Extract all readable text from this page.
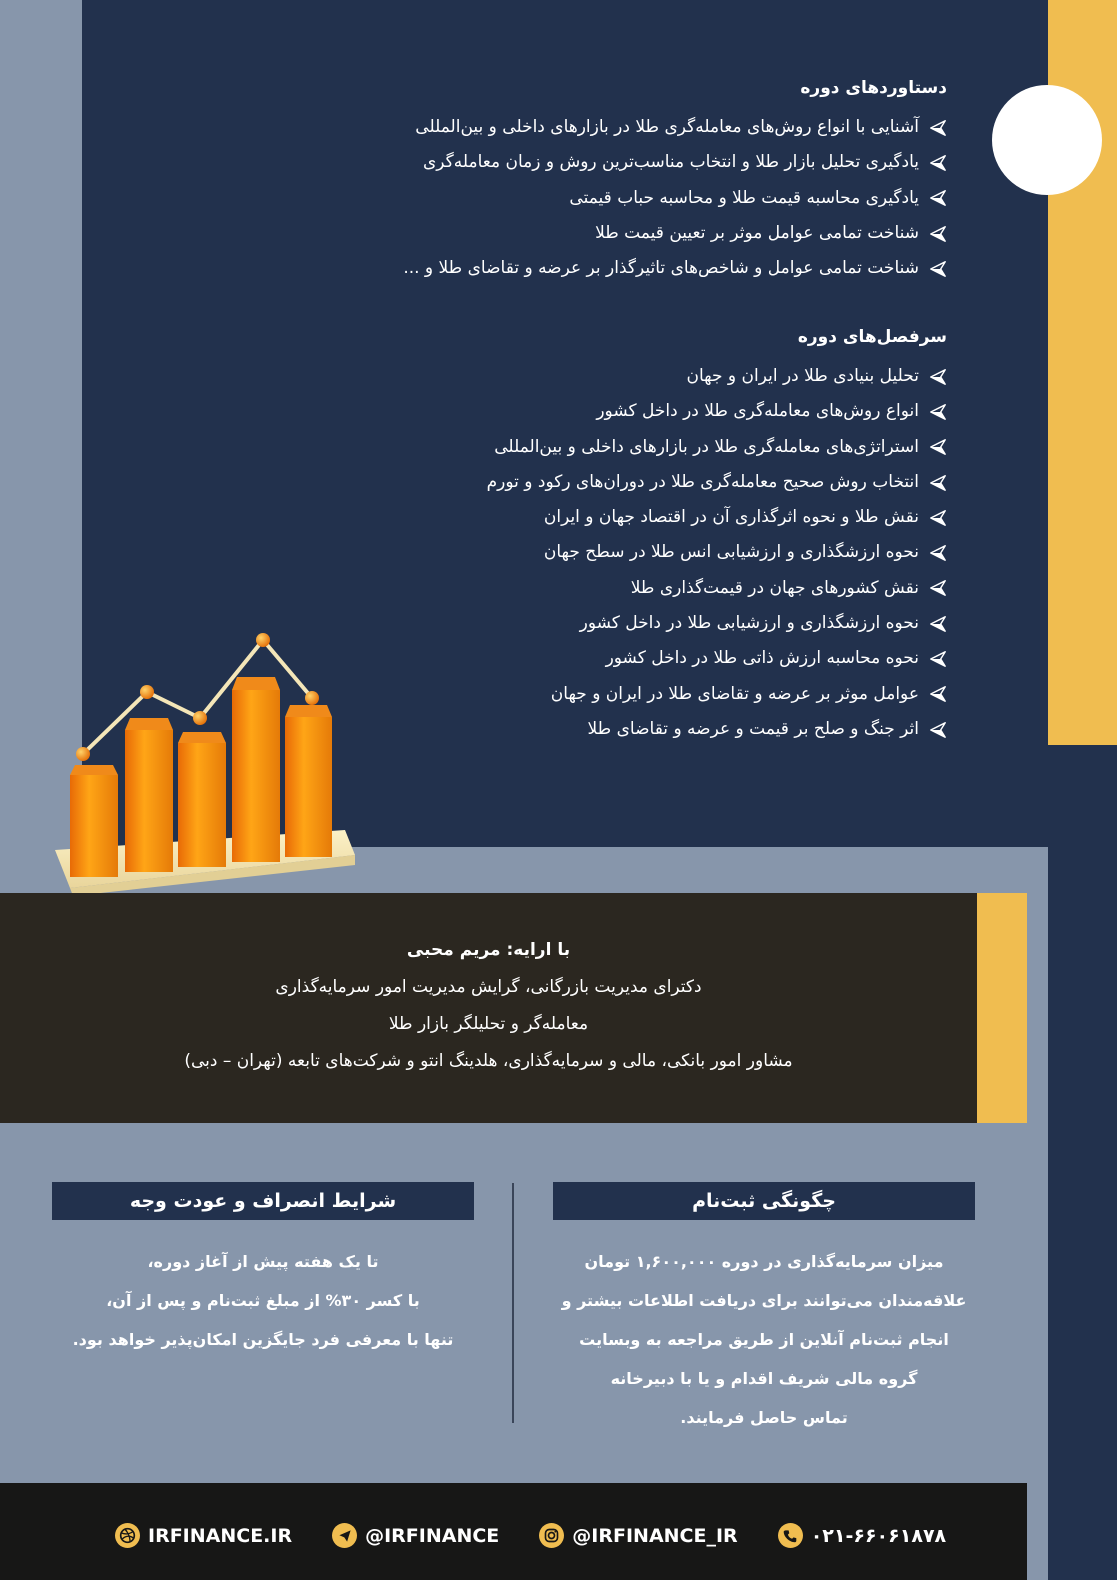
دستاوردهای دوره
آشنایی با انواع روش‌های معامله‌گری طلا در بازارهای داخلی و بین‌المللی
یادگیری تحلیل بازار طلا و انتخاب مناسب‌ترین روش و زمان معامله‌گری
یادگیری محاسبه قیمت طلا و محاسبه حباب قیمتی
شناخت تمامی عوامل موثر بر تعیین قیمت طلا
شناخت تمامی عوامل و شاخص‌های تاثیرگذار بر عرضه و تقاضای طلا و ...
سرفصل‌های دوره
تحلیل بنیادی طلا در ایران و جهان
انواع روش‌های معامله‌گری طلا در داخل کشور
استراتژی‌های معامله‌گری طلا در بازارهای داخلی و بین‌المللی
انتخاب روش صحیح معامله‌گری طلا در دوران‌های رکود و تورم
نقش طلا و نحوه اثرگذاری آن در اقتصاد جهان و ایران
نحوه ارزشگذاری و ارزشیابی انس طلا در سطح جهان
نقش کشورهای جهان در قیمت‌گذاری طلا
نحوه ارزشگذاری و ارزشیابی طلا در داخل کشور
نحوه محاسبه ارزش ذاتی طلا در داخل کشور
عوامل موثر بر عرضه و تقاضای طلا در ایران و جهان
اثر جنگ و صلح بر قیمت و عرضه و تقاضای طلا
با ارایه: مریم محبی
دکترای مدیریت بازرگانی، گرایش مدیریت امور سرمایه‌گذاری
معامله‌گر و تحلیلگر بازار طلا
مشاور امور بانکی، مالی و سرمایه‌گذاری، هلدینگ انتو و شرکت‌های تابعه (تهران – دبی)
چگونگی ثبت‌نام
میزان سرمایه‌گذاری در دوره ۱,۶۰۰,۰۰۰ تومان
علاقه‌مندان می‌توانند برای دریافت اطلاعات بیشتر و
انجام ثبت‌نام آنلاین از طریق مراجعه به وبسایت
گروه مالی شریف اقدام و یا با دبیرخانه
تماس حاصل فرمایند.
شرایط انصراف و عودت وجه
تا یک هفته پیش از آغاز دوره،
با کسر ۳۰% از مبلغ ثبت‌نام و پس از آن،
تنها با معرفی فرد جایگزین امکان‌پذیر خواهد بود.
IRFINANCE.IR	@IRFINANCE	@IRFINANCE_IR	۰۲۱-۶۶۰۶۱۸۷۸
